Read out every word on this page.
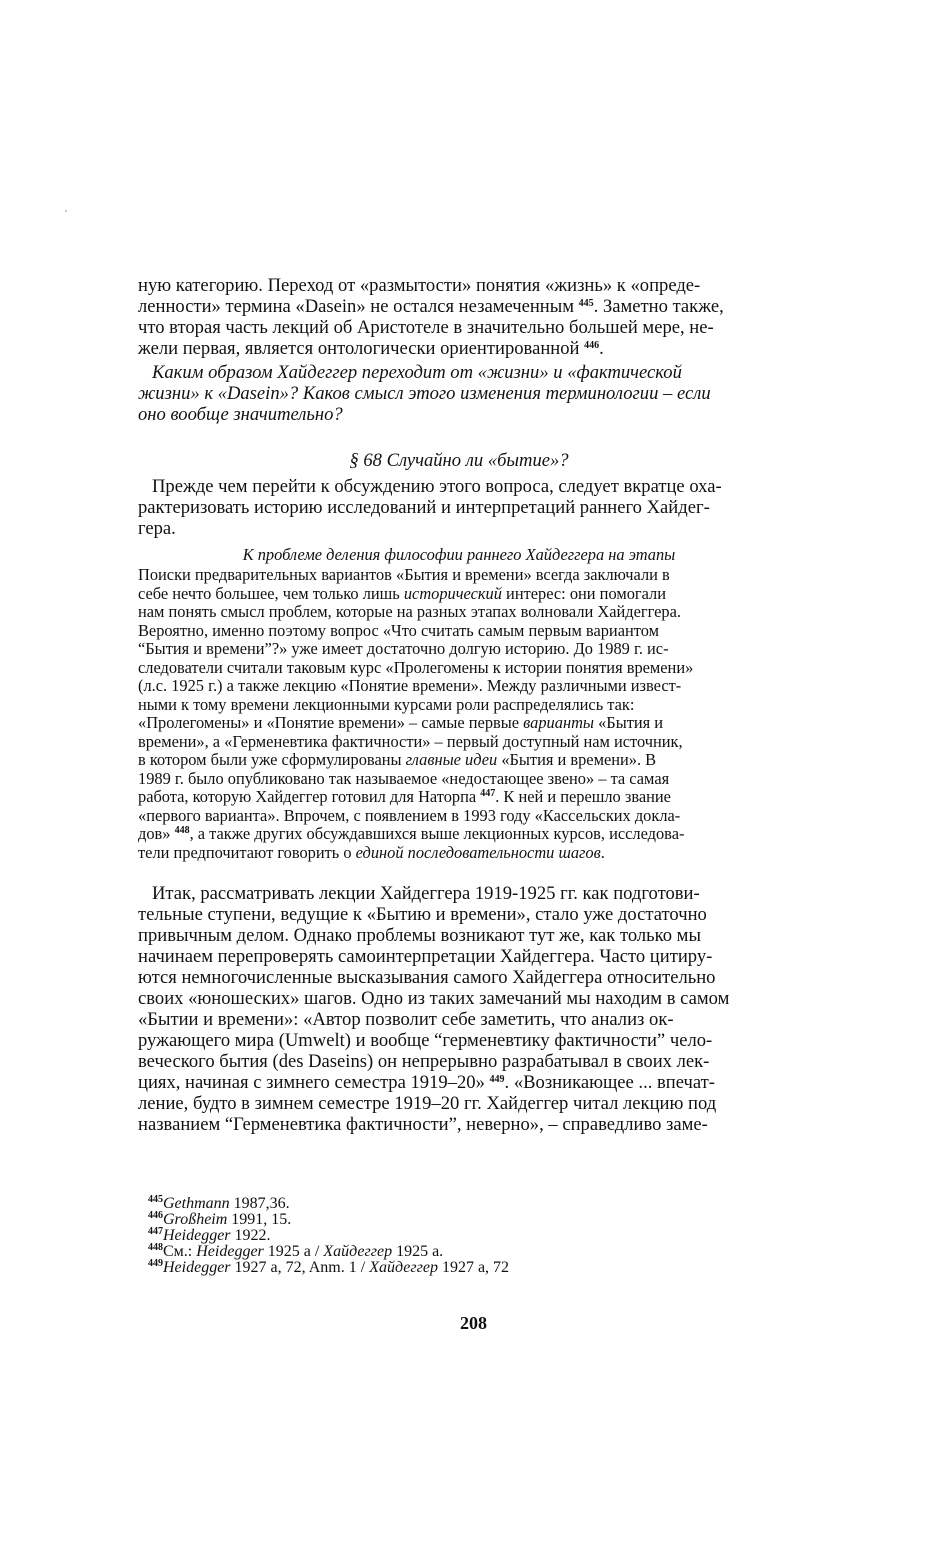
ную категорию. Переход от «размытости» понятия «жизнь» к «опреде-

ленности» термина «Dasein» не остался незамеченным $^{445}$. Заметно также,

что вторая часть лекций об Аристотеле в значительно большей мере, не-

жели первая, является онтологически ориентированной $^{446}$.

Каким образом Хайдеггер переходит от «жизни» и «фактической

жизни» к «Dasein»? Каков смысл этого изменения терминологии – если

оно вообще значительно?

§ 68 Случайно ли «бытие»?

Прежде чем перейти к обсуждению этого вопроса, следует вкратце оха-

рактеризовать историю исследований и интерпретаций раннего Хайдег-

гера.

К проблеме деления философии раннего Хайдеггера на этапы

Поиски предварительных вариантов «Бытия и времени» всегда заключали в

себе нечто большее, чем только лишь исторический интерес: они помогали

нам понять смысл проблем, которые на разных этапах волновали Хайдеггера.

Вероятно, именно поэтому вопрос «Что считать самым первым вариантом

“Бытия и времени”?» уже имеет достаточно долгую историю. До 1989 г. ис-

следователи считали таковым курс «Пролегомены к истории понятия времени»

(л.с. 1925 г.) а также лекцию «Понятие времени». Между различными извест-

ными к тому времени лекционными курсами роли распределялись так:

«Пролегомены» и «Понятие времени» – самые первые варианты «Бытия и

времени», а «Герменевтика фактичности» – первый доступный нам источник,

в котором были уже сформулированы главные идеи «Бытия и времени». В

1989 г. было опубликовано так называемое «недостающее звено» – та самая

работа, которую Хайдеггер готовил для Наторпа $^{447}$. К ней и перешло звание

«первого варианта». Впрочем, с появлением в 1993 году «Кассельских докла-

дов» $^{448}$, а также других обсуждавшихся выше лекционных курсов, исследова-

тели предпочитают говорить о единой последовательности шагов.

Итак, рассматривать лекции Хайдеггера 1919-1925 гг. как подготови-

тельные ступени, ведущие к «Бытию и времени», стало уже достаточно

привычным делом. Однако проблемы возникают тут же, как только мы

начинаем перепроверять самоинтерпретации Хайдеггера. Часто цитиру-

ются немногочисленные высказывания самого Хайдеггера относительно

своих «юношеских» шагов. Одно из таких замечаний мы находим в самом

«Бытии и времени»: «Автор позволит себе заметить, что анализ ок-

ружающего мира (Umwelt) и вообще “герменевтику фактичности” чело-

веческого бытия (des Daseins) он непрерывно разрабатывал в своих лек-

циях, начиная с зимнего семестра 1919–20» $^{449}$. «Возникающее ... впечат-

ление, будто в зимнем семестре 1919–20 гг. Хайдеггер читал лекцию под

названием “Герменевтика фактичности”, неверно», – справедливо заме-

$^{445}$Gethmann 1987,36.

$^{446}$Großheim 1991, 15.

$^{447}$Heidegger 1922.

$^{448}$См.: Heidegger 1925 a / Хайдеггер 1925 a.

$^{449}$Heidegger 1927 a, 72, Anm. 1 / Хайдеггер 1927 a, 72

208
